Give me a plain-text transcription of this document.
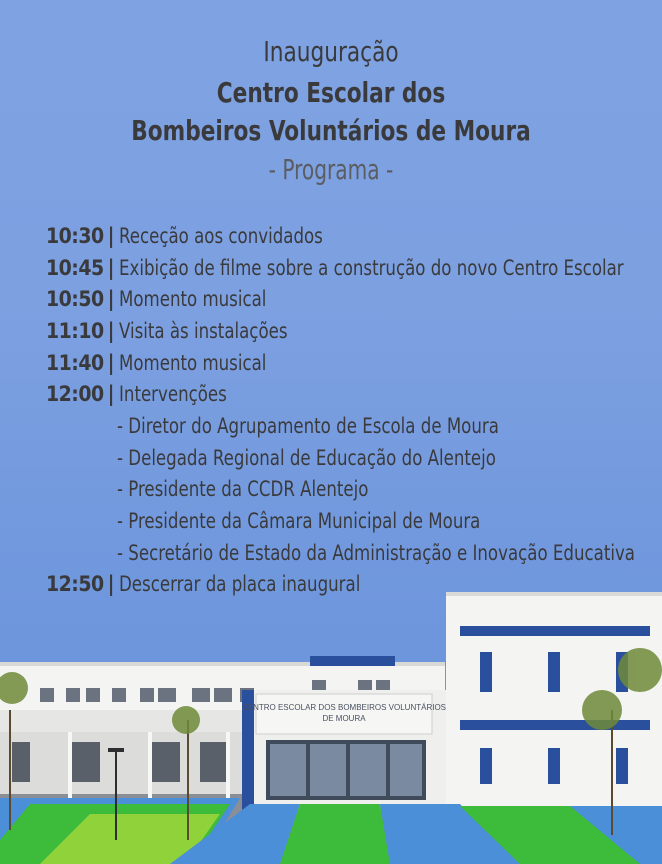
Inauguração
Centro Escolar dos
Bombeiros Voluntários de Moura
- Programa -
10:30 | Receção aos convidados
10:45 | Exibição de filme sobre a construção do novo Centro Escolar
10:50 | Momento musical
11:10 | Visita às instalações
11:40 | Momento musical
12:00 | Intervenções
- Diretor do Agrupamento de Escola de Moura
- Delegada Regional de Educação do Alentejo
- Presidente da CCDR Alentejo
- Presidente da Câmara Municipal de Moura
- Secretário de Estado da Administração e Inovação Educativa
12:50 | Descerrar da placa inaugural
CENTRO ESCOLAR DOS BOMBEIROS VOLUNTÁRIOS
DE MOURA
